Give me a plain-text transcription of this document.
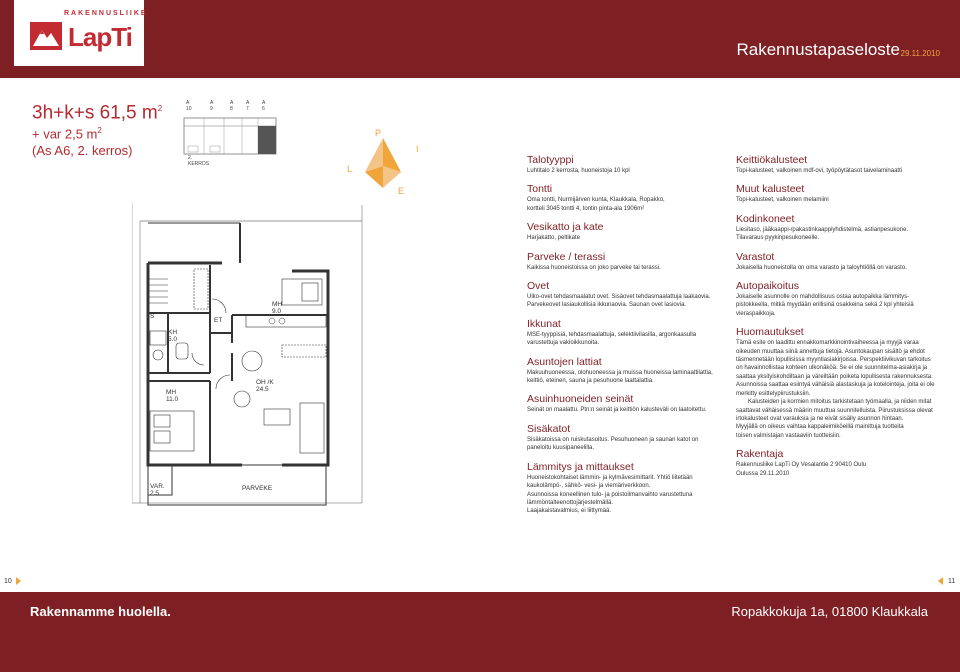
RAKENNUSLIIKE
LapTi	Rakennustapaseloste 29.11.2010
3h+k+s 61,5 $m^2$
+ var 2,5 $m^2$
(As A6, 2. kerros)
A 10
A 9
A 8
A 7
A 6
2. KERROS
P
I
E
L
MH
9.0
KH
5.0
S
ET
MH
11.0
OH /K
24.5
VAR.
2.5
PARVEKE
Talotyyppi
Luhtitalo 2 kerrosta, huoneistoja 10 kpl
Tontti
Oma tontti, Nurmijärven kunta, Klaukkala, Ropakko,
kortteli 3045 tontti 4, tontin pinta-ala 1906m²
Vesikatto ja kate
Harjakatto, peltikate
Parveke / terassi
Kaikissa huoneistoissa on joko parveke tai terassi.
Ovet
Ulko-ovet tehdasmaalatut ovet. Sisäovet tehdasmaalattuja laakaovia.
Parvekeovet lasiaukollisia ikkunaovia. Saunan ovet lasiovia.
Ikkunat
MSE-tyyppisiä, tehdasmaalattuja, selektiivilasilla, argonkaasulla
varustettuja vakioikkunoita.
Asuntojen lattiat
Makuuhuoneessa, olohuoneessa ja muissa huoneissa laminaattilattia,
keittiö, eteinen, sauna ja pesuhuone laattalattia.
Asuinhuoneiden seinät
Seinät on maalattu. Ptn:n seinät ja keittiön kalusteväli on laatoitettu.
Sisäkatot
Sisäkatoissa on ruiskutasoitus. Pesuhuoneen ja saunan katot on
paneloitu kuusipaneelilla.
Lämmitys ja mittaukset
Huoneistokohtaiset lämmin- ja kylmävesimittarit. Yhtiö liitetään
kaukolämpö-, sähkö- vesi- ja viemäriverkkoon.
Asunnoissa koneellinen tulo- ja poistoilmanvaihto varustettuna
lämmöntalteenottojärjestelmällä.
Laajakaistavalmius, ei liittymää.
Keittiökalusteet
Topi-kalusteet, valkoinen mdf-ovi, työpöytätasot taivelaminaatti
Muut kalusteet
Topi-kalusteet, valkoinen melamiini
Kodinkoneet
Liesitaso, jääkaappi-/pakastinkaappiyhdistelmä, astianpesukone.
Tilavaraus pyykinpesukoneelle.
Varastot
Jokaisella huoneistolla on oma varasto ja taloyhtiöllä on varasto.
Autopaikoitus
Jokaiselle asunnolle on mahdollisuus ostaa autopaikka lämmitys-
pistokkeella, mitkä myydään erillisinä osakkeina sekä 2 kpl yhteisiä
vieraspaikkoja.
Huomautukset
Tämä esite on laadittu ennakkomarkkinointivaiheessa ja myyjä varaa
oikeuden muuttaa siinä annettuja tietoja. Asuntokaupan sisältö ja ehdot
täsmennetään lopullisissa myyntiasiakirjoissa. Perspektiivikuvan tarkoitus
on havainnollistaa kohteen ulkonäköä. Se ei ole suunnitelma-asiakirja ja
saattaa yksityiskohdiltaan ja väreiltään poiketa lopullisesta rakennuksesta.
Asunnoissa saattaa esiintyä vähäisiä alastaskuja ja kotelointeja, joita ei ole
merkitty esittelypiirustuksiin.
Kalusteiden ja kormien mitoitus tarkistetaan työmaalla, ja niiden mitat
saattavat vähäisessä määrin muuttua suunnitelluista. Piirustuksissa olevat
irtokalusteet ovat varauksia ja ne eivät sisälly asunnon hintaan.
Myyjällä on oikeus vaihtaa kappaleimiköeillä mainittuja tuotteita
toisen valmistajan vastaaviin tuotteisiin.
Rakentaja
Rakennusliike LapTi Oy Vesalantie 2 90410 Oulu
Oulussa 29.11.2010
10	11
Rakennamme huolella.	Ropakkokuja 1a, 01800 Klaukkala
